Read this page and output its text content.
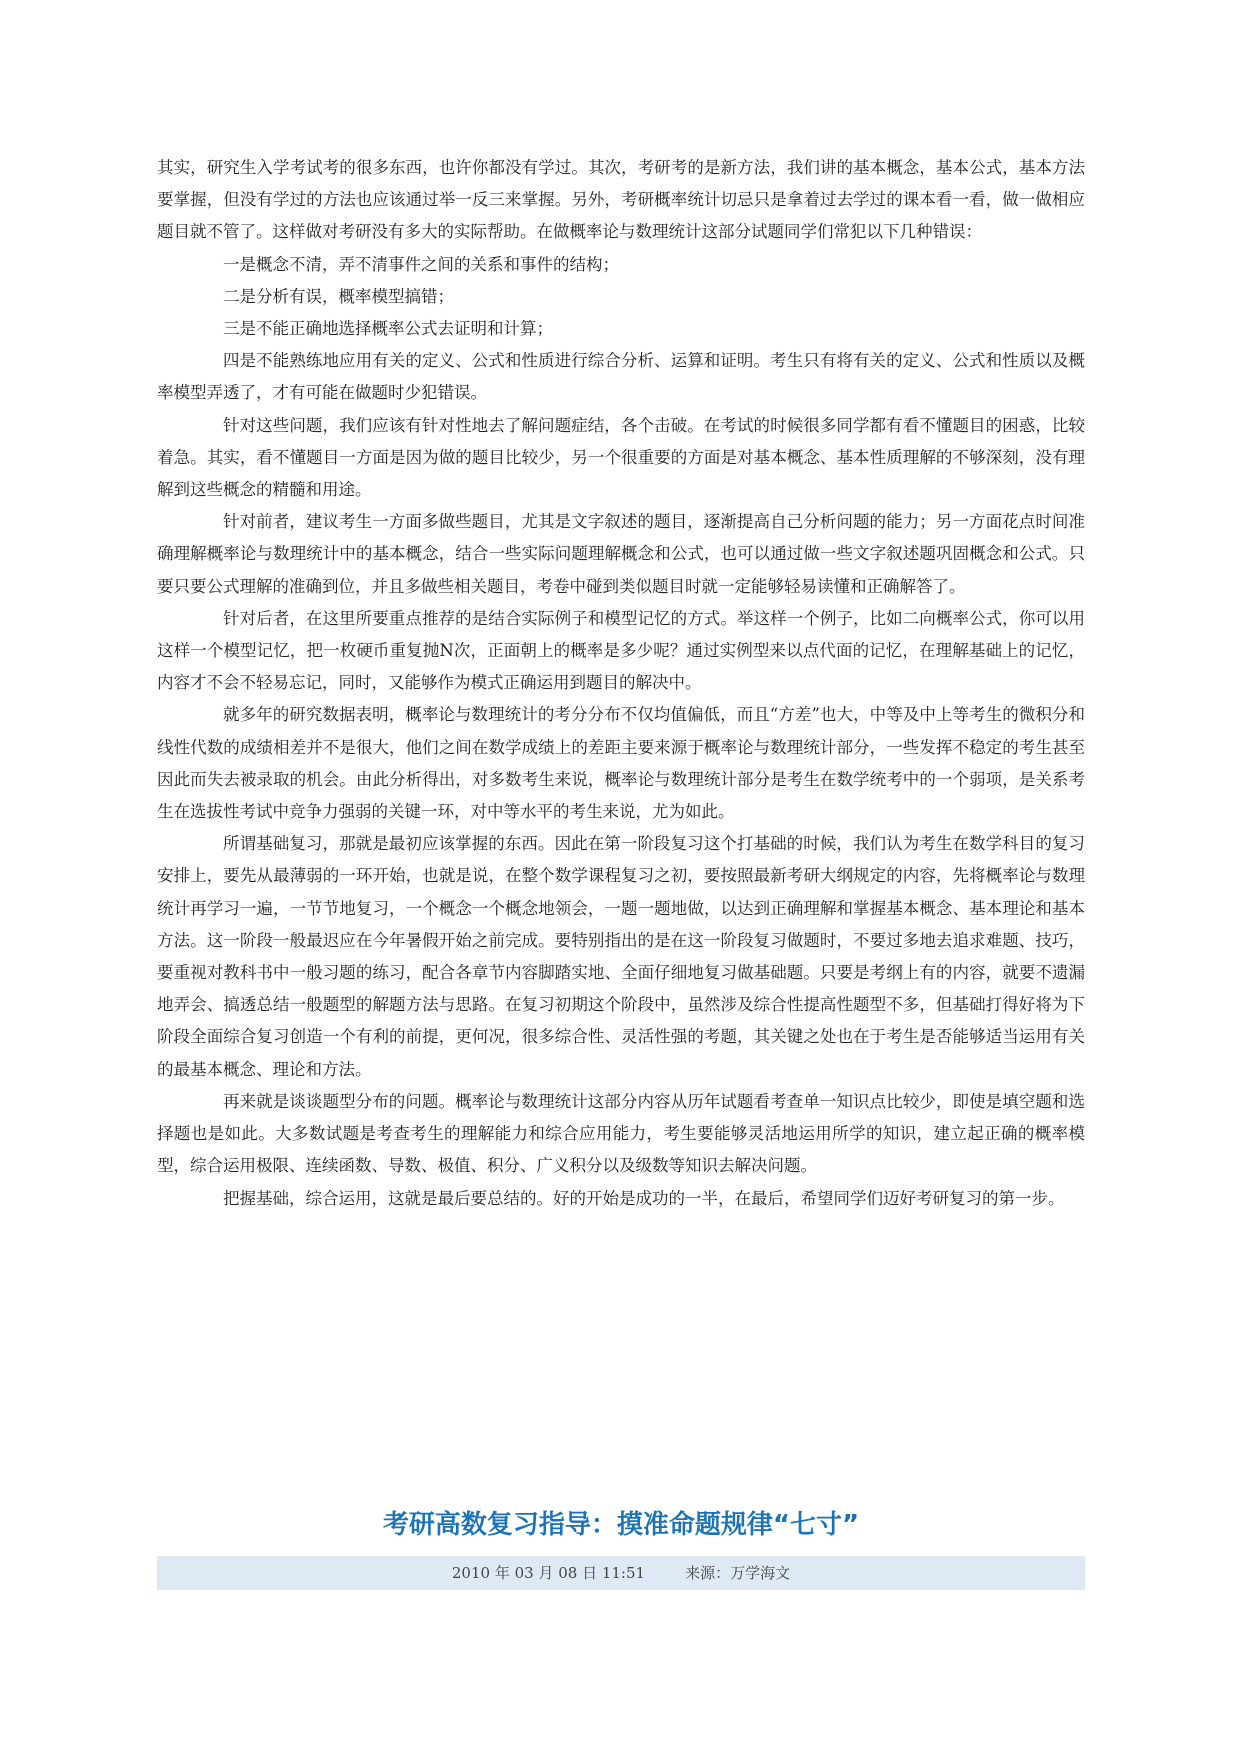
其实，研究生入学考试考的很多东西，也许你都没有学过。其次，考研考的是新方法，我们讲的基本概念，基本公式，基本方法要掌握，但没有学过的方法也应该通过举一反三来掌握。另外，考研概率统计切忌只是拿着过去学过的课本看一看，做一做相应题目就不管了。这样做对考研没有多大的实际帮助。在做概率论与数理统计这部分试题同学们常犯以下几种错误：

一是概念不清，弄不清事件之间的关系和事件的结构；

二是分析有误，概率模型搞错；

三是不能正确地选择概率公式去证明和计算；

四是不能熟练地应用有关的定义、公式和性质进行综合分析、运算和证明。考生只有将有关的定义、公式和性质以及概率模型弄透了，才有可能在做题时少犯错误。

针对这些问题，我们应该有针对性地去了解问题症结，各个击破。在考试的时候很多同学都有看不懂题目的困惑，比较着急。其实，看不懂题目一方面是因为做的题目比较少，另一个很重要的方面是对基本概念、基本性质理解的不够深刻，没有理解到这些概念的精髓和用途。

针对前者，建议考生一方面多做些题目，尤其是文字叙述的题目，逐渐提高自己分析问题的能力；另一方面花点时间准确理解概率论与数理统计中的基本概念，结合一些实际问题理解概念和公式，也可以通过做一些文字叙述题巩固概念和公式。只要只要公式理解的准确到位，并且多做些相关题目，考卷中碰到类似题目时就一定能够轻易读懂和正确解答了。

针对后者，在这里所要重点推荐的是结合实际例子和模型记忆的方式。举这样一个例子，比如二向概率公式，你可以用这样一个模型记忆，把一枚硬币重复抛N次，正面朝上的概率是多少呢？通过实例型来以点代面的记忆，在理解基础上的记忆，内容才不会不轻易忘记，同时，又能够作为模式正确运用到题目的解决中。

就多年的研究数据表明，概率论与数理统计的考分分布不仅均值偏低，而且“方差”也大，中等及中上等考生的微积分和线性代数的成绩相差并不是很大，他们之间在数学成绩上的差距主要来源于概率论与数理统计部分，一些发挥不稳定的考生甚至因此而失去被录取的机会。由此分析得出，对多数考生来说，概率论与数理统计部分是考生在数学统考中的一个弱项，是关系考生在选拔性考试中竞争力强弱的关键一环，对中等水平的考生来说，尤为如此。

所谓基础复习，那就是最初应该掌握的东西。因此在第一阶段复习这个打基础的时候，我们认为考生在数学科目的复习安排上，要先从最薄弱的一环开始，也就是说，在整个数学课程复习之初，要按照最新考研大纲规定的内容，先将概率论与数理统计再学习一遍，一节节地复习，一个概念一个概念地领会，一题一题地做，以达到正确理解和掌握基本概念、基本理论和基本方法。这一阶段一般最迟应在今年暑假开始之前完成。要特别指出的是在这一阶段复习做题时，不要过多地去追求难题、技巧，要重视对教科书中一般习题的练习，配合各章节内容脚踏实地、全面仔细地复习做基础题。只要是考纲上有的内容，就要不遗漏地弄会、搞透总结一般题型的解题方法与思路。在复习初期这个阶段中，虽然涉及综合性提高性题型不多，但基础打得好将为下阶段全面综合复习创造一个有利的前提，更何况，很多综合性、灵活性强的考题，其关键之处也在于考生是否能够适当运用有关的最基本概念、理论和方法。

再来就是谈谈题型分布的问题。概率论与数理统计这部分内容从历年试题看考查单一知识点比较少，即使是填空题和选择题也是如此。大多数试题是考查考生的理解能力和综合应用能力，考生要能够灵活地运用所学的知识，建立起正确的概率模型，综合运用极限、连续函数、导数、极值、积分、广义积分以及级数等知识去解决问题。

把握基础，综合运用，这就是最后要总结的。好的开始是成功的一半，在最后，希望同学们迈好考研复习的第一步。

考研高数复习指导：摸准命题规律“七寸”
2010 年 03 月 08 日 11:51	来源：万学海文
